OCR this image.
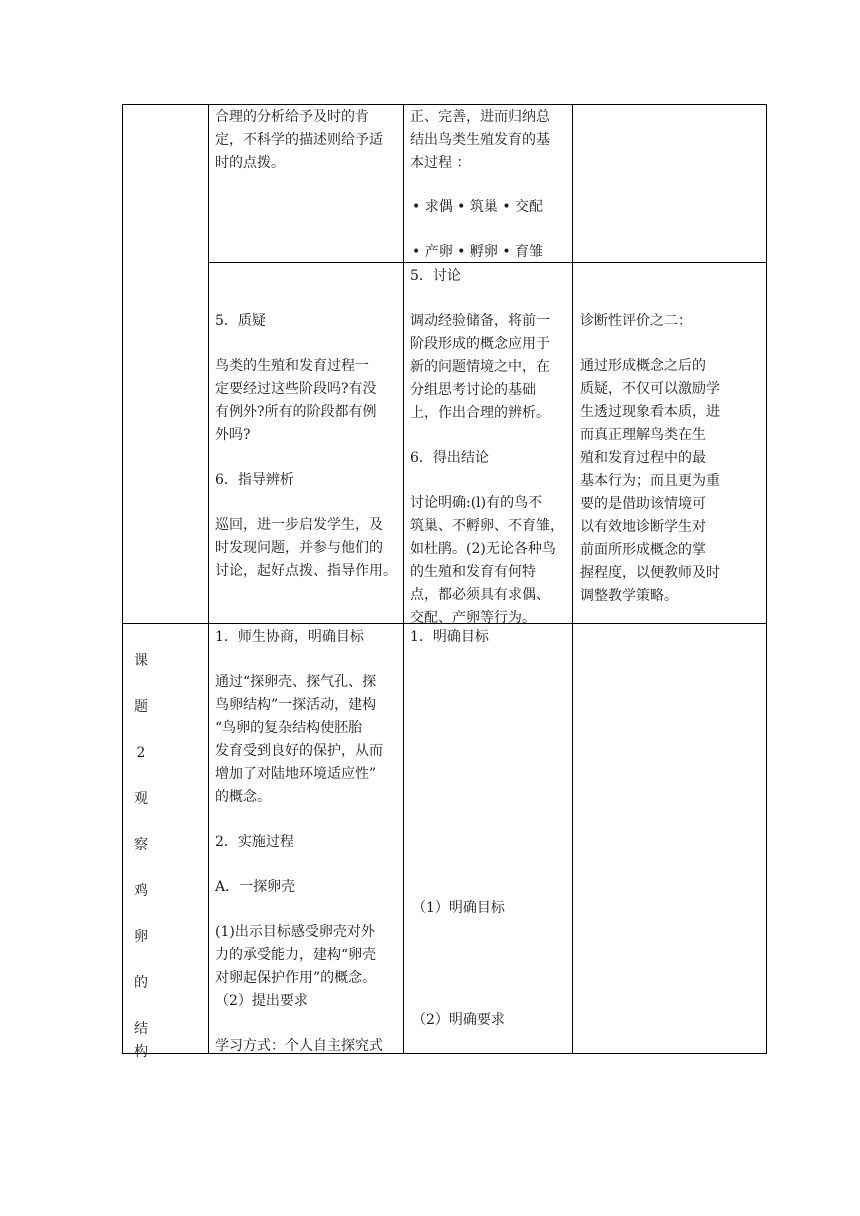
合理的分析给予及时的肯

定，不科学的描述则给予适

时的点拨。

正、完善，进而归纳总

结出鸟类生殖发育的基

本过程 ：

• 求偶 • 筑巢 • 交配

• 产卵 • 孵卵 • 育雏

5．质疑

鸟类的生殖和发育过程一

定要经过这些阶段吗?有没

有例外?所有的阶段都有例

外吗?

6．指导辨析

巡回，进一步启发学生，及

时发现问题，并参与他们的

讨论，起好点拨、指导作用。

5．讨论

调动经验储备，将前一

阶段形成的概念应用于

新的问题情境之中，在

分组思考讨论的基础

上，作出合理的辨析。

6．得出结论

讨论明确:(l)有的鸟不

筑巢、不孵卵、不育雏，

如杜鹃。(2)无论各种鸟

的生殖和发育有何特

点，都必须具有求偶、

交配、产卵等行为。

诊断性评价之二：

通过形成概念之后的

质疑，不仅可以激励学

生透过现象看本质，进

而真正理解鸟类在生

殖和发育过程中的最

基本行为；而且更为重

要的是借助该情境可

以有效地诊断学生对

前面所形成概念的掌

握程度，以便教师及时

调整教学策略。

课

题

2

观

察

鸡

卵

的

结

构

1．师生协商，明确目标

通过“探卵壳、探气孔、探

鸟卵结构”一探活动，建构

“鸟卵的复杂结构使胚胎

发育受到良好的保护，从而

增加了对陆地环境适应性”

的概念。

2．实施过程

A．一探卵壳

(1)出示目标感受卵壳对外

力的承受能力，建构“卵壳

对卵起保护作用”的概念。

（2）提出要求

学习方式：个人自主探究式

1．明确目标

（1）明确目标

（2）明确要求
